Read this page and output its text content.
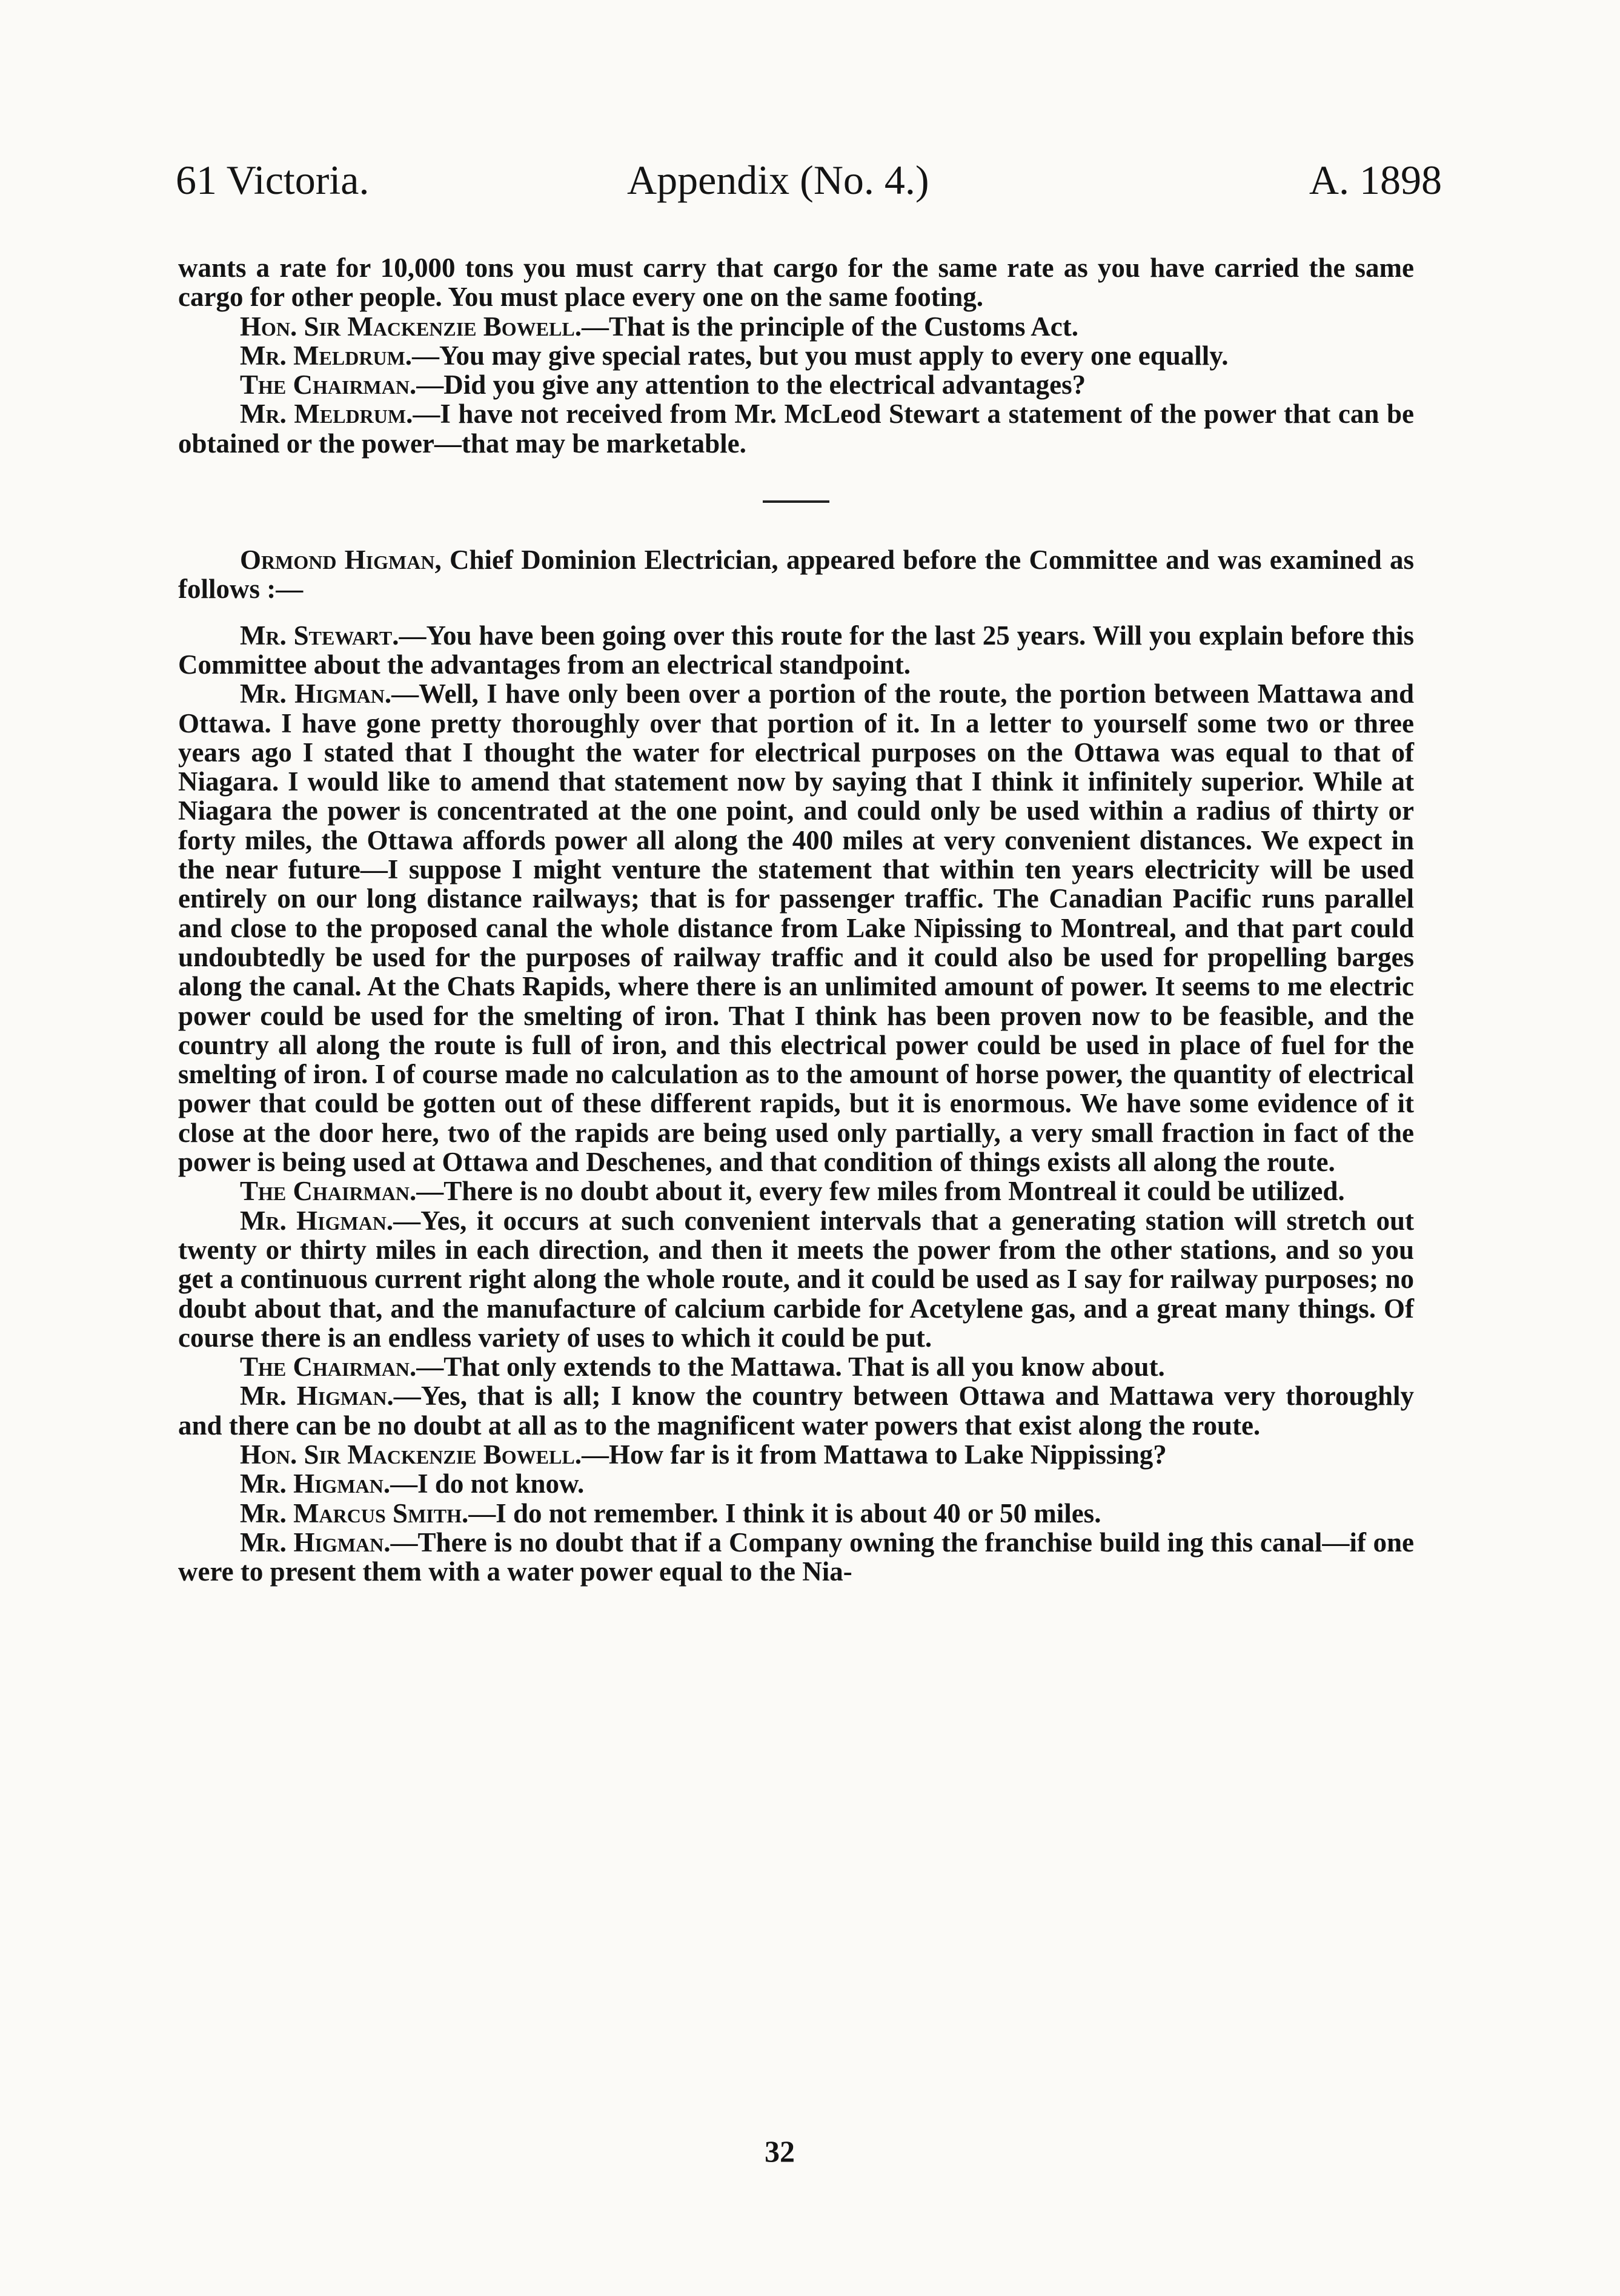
61 Victoria.	Appendix (No. 4.)	A. 1898

wants a rate for 10,000 tons you must carry that cargo for the same rate as you have carried the same cargo for other people. You must place every one on the same footing.

Hon. Sir Mackenzie Bowell.—That is the principle of the Customs Act.

Mr. Meldrum.—You may give special rates, but you must apply to every one equally.

The Chairman.—Did you give any attention to the electrical advantages?

Mr. Meldrum.—I have not received from Mr. McLeod Stewart a statement of the power that can be obtained or the power—that may be marketable.

Ormond Higman, Chief Dominion Electrician, appeared before the Committee and was examined as follows :—

Mr. Stewart.—You have been going over this route for the last 25 years. Will you explain before this Committee about the advantages from an electrical standpoint.

Mr. Higman.—Well, I have only been over a portion of the route, the portion between Mattawa and Ottawa. I have gone pretty thoroughly over that portion of it. In a letter to yourself some two or three years ago I stated that I thought the water for electrical purposes on the Ottawa was equal to that of Niagara. I would like to amend that statement now by saying that I think it infinitely superior. While at Niagara the power is concentrated at the one point, and could only be used within a radius of thirty or forty miles, the Ottawa affords power all along the 400 miles at very convenient distances. We expect in the near future—I suppose I might venture the statement that within ten years electricity will be used entirely on our long distance railways; that is for passenger traffic. The Canadian Pacific runs parallel and close to the proposed canal the whole distance from Lake Nipissing to Montreal, and that part could undoubtedly be used for the purposes of railway traffic and it could also be used for propelling barges along the canal. At the Chats Rapids, where there is an unlimited amount of power. It seems to me electric power could be used for the smelting of iron. That I think has been proven now to be feasible, and the country all along the route is full of iron, and this electrical power could be used in place of fuel for the smelting of iron. I of course made no calculation as to the amount of horse power, the quantity of electrical power that could be gotten out of these different rapids, but it is enormous. We have some evidence of it close at the door here, two of the rapids are being used only partially, a very small fraction in fact of the power is being used at Ottawa and Deschenes, and that condition of things exists all along the route.

The Chairman.—There is no doubt about it, every few miles from Montreal it could be utilized.

Mr. Higman.—Yes, it occurs at such convenient intervals that a generating station will stretch out twenty or thirty miles in each direction, and then it meets the power from the other stations, and so you get a continuous current right along the whole route, and it could be used as I say for railway purposes; no doubt about that, and the manufacture of calcium carbide for Acetylene gas, and a great many things. Of course there is an endless variety of uses to which it could be put.

The Chairman.—That only extends to the Mattawa. That is all you know about.

Mr. Higman.—Yes, that is all; I know the country between Ottawa and Mattawa very thoroughly and there can be no doubt at all as to the magnificent water powers that exist along the route.

Hon. Sir Mackenzie Bowell.—How far is it from Mattawa to Lake Nippissing?

Mr. Higman.—I do not know.

Mr. Marcus Smith.—I do not remember. I think it is about 40 or 50 miles.

Mr. Higman.—There is no doubt that if a Company owning the franchise build ing this canal—if one were to present them with a water power equal to the Nia-

32
